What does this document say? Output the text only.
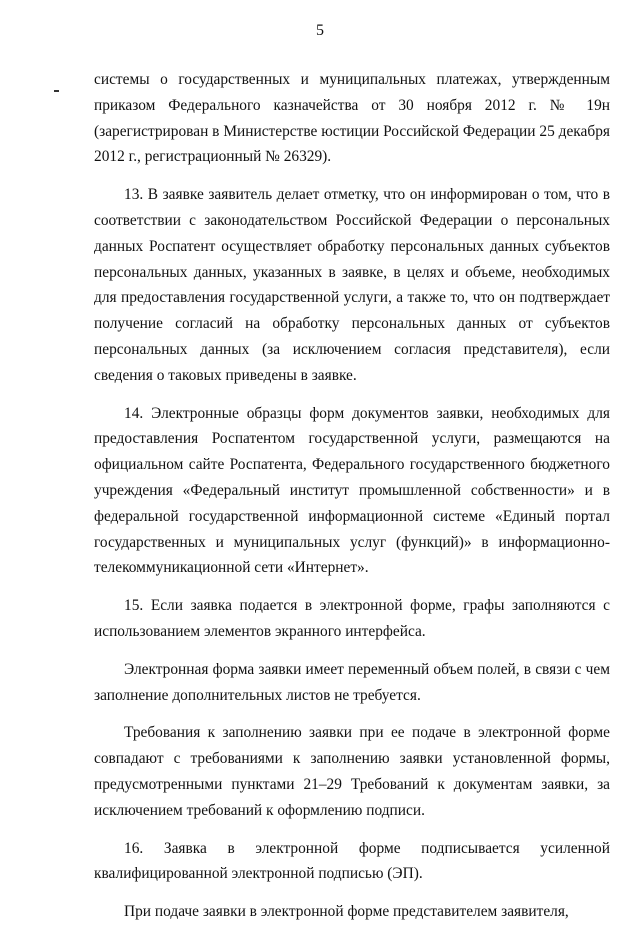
5

системы о государственных и муниципальных платежах, утвержденным приказом Федерального казначейства от 30 ноября 2012 г. № 19н (зарегистрирован в Министерстве юстиции Российской Федерации 25 декабря 2012 г., регистрационный № 26329).

13. В заявке заявитель делает отметку, что он информирован о том, что в соответствии с законодательством Российской Федерации о персональных данных Роспатент осуществляет обработку персональных данных субъектов персональных данных, указанных в заявке, в целях и объеме, необходимых для предоставления государственной услуги, а также то, что он подтверждает получение согласий на обработку персональных данных от субъектов персональных данных (за исключением согласия представителя), если сведения о таковых приведены в заявке.

14. Электронные образцы форм документов заявки, необходимых для предоставления Роспатентом государственной услуги, размещаются на официальном сайте Роспатента, Федерального государственного бюджетного учреждения «Федеральный институт промышленной собственности» и в федеральной государственной информационной системе «Единый портал государственных и муниципальных услуг (функций)» в информационно-телекоммуникационной сети «Интернет».

15. Если заявка подается в электронной форме, графы заполняются с использованием элементов экранного интерфейса.

Электронная форма заявки имеет переменный объем полей, в связи с чем заполнение дополнительных листов не требуется.

Требования к заполнению заявки при ее подаче в электронной форме совпадают с требованиями к заполнению заявки установленной формы, предусмотренными пунктами 21–29 Требований к документам заявки, за исключением требований к оформлению подписи.

16. Заявка в электронной форме подписывается усиленной квалифицированной электронной подписью (ЭП).

При подаче заявки в электронной форме представителем заявителя,
